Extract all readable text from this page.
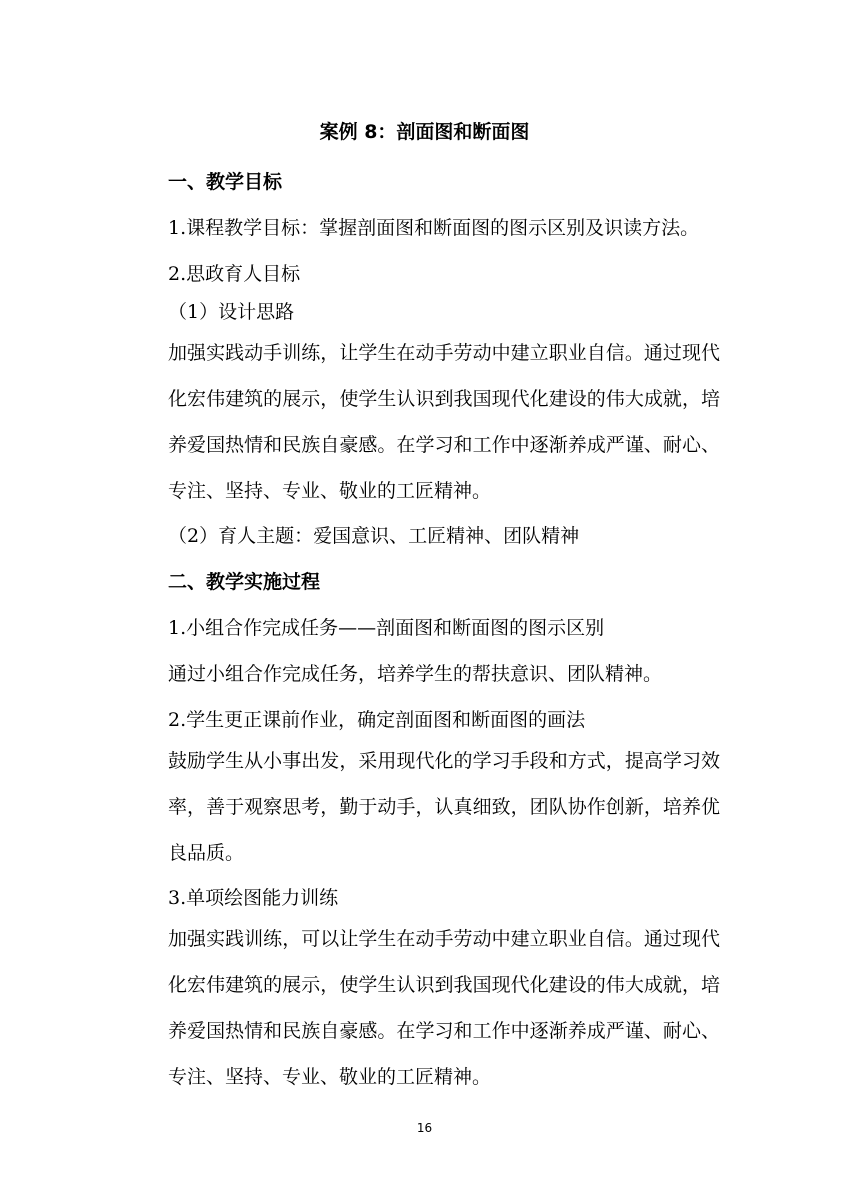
案例 8：剖面图和断面图
一、教学目标

1.课程教学目标：掌握剖面图和断面图的图示区别及识读方法。

2.思政育人目标

（1）设计思路

加强实践动手训练，让学生在动手劳动中建立职业自信。通过现代化宏伟建筑的展示，使学生认识到我国现代化建设的伟大成就，培养爱国热情和民族自豪感。在学习和工作中逐渐养成严谨、耐心、专注、坚持、专业、敬业的工匠精神。

（2）育人主题：爱国意识、工匠精神、团队精神

二、教学实施过程

1.小组合作完成任务——剖面图和断面图的图示区别

通过小组合作完成任务，培养学生的帮扶意识、团队精神。

2.学生更正课前作业，确定剖面图和断面图的画法

鼓励学生从小事出发，采用现代化的学习手段和方式，提高学习效率，善于观察思考，勤于动手，认真细致，团队协作创新，培养优良品质。

3.单项绘图能力训练

加强实践训练，可以让学生在动手劳动中建立职业自信。通过现代化宏伟建筑的展示，使学生认识到我国现代化建设的伟大成就，培养爱国热情和民族自豪感。在学习和工作中逐渐养成严谨、耐心、专注、坚持、专业、敬业的工匠精神。

16
